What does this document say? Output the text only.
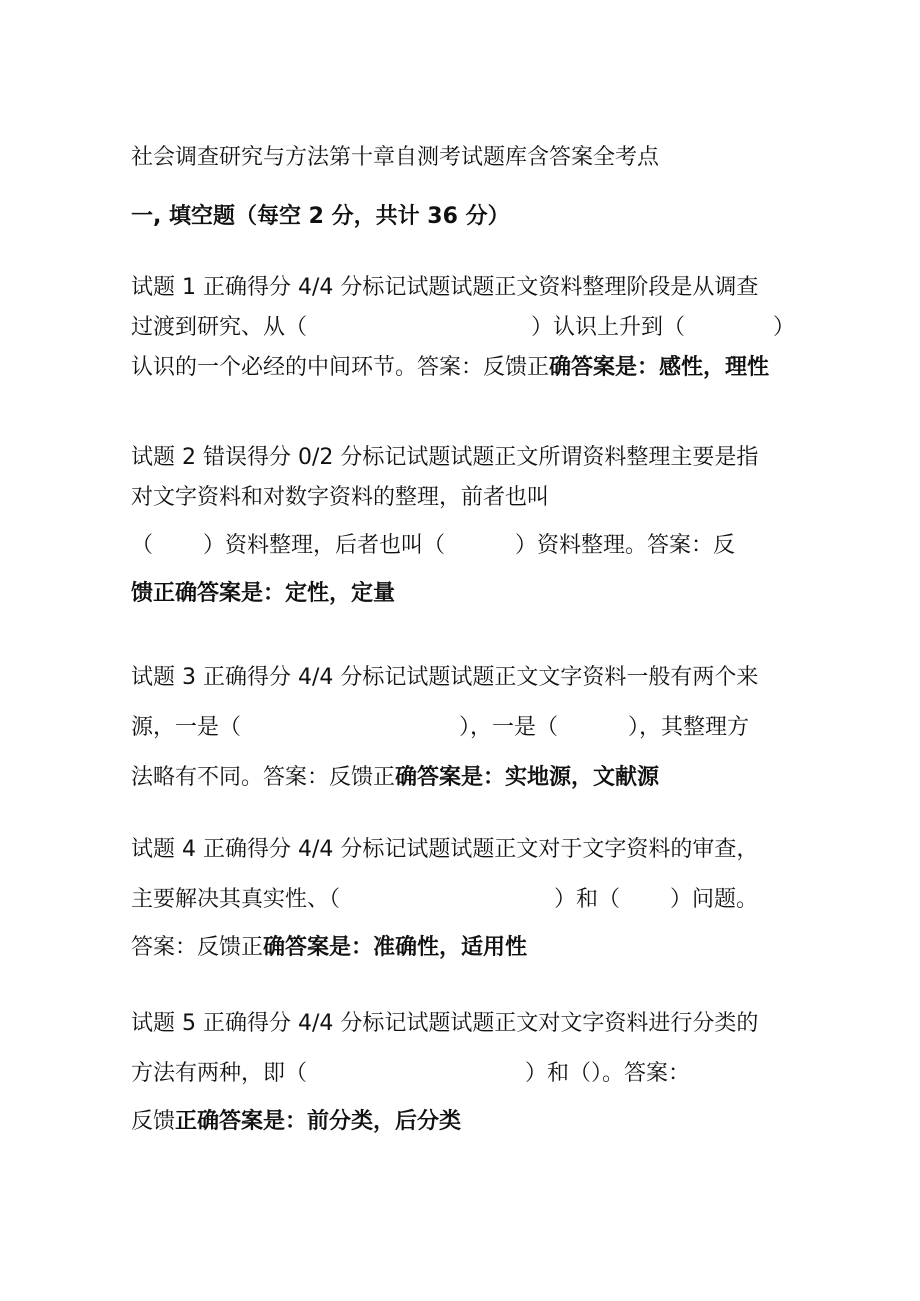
社会调查研究与方法第十章自测考试题库含答案全考点
一, 填空题（每空 2 分，共计 36 分）
试题 1 正确得分 4/4 分标记试题试题正文资料整理阶段是从调查
过渡到研究、从（	）认识上升到（	）
认识的一个必经的中间环节。答案：反馈正确答案是：感性，理性
试题 2 错误得分 0/2 分标记试题试题正文所谓资料整理主要是指
对文字资料和对数字资料的整理，前者也叫
（ ）资料整理，后者也叫（	）资料整理。答案：反
馈正确答案是：定性，定量
试题 3 正确得分 4/4 分标记试题试题正文文字资料一般有两个来
源，一是（	），一是（	），其整理方
法略有不同。答案：反馈正确答案是：实地源，文献源
试题 4 正确得分 4/4 分标记试题试题正文对于文字资料的审查，
主要解决其真实性、（	）和（ ）问题。
答案：反馈正确答案是：准确性，适用性
试题 5 正确得分 4/4 分标记试题试题正文对文字资料进行分类的
方法有两种，即（	）和（）。答案：
反馈正确答案是：前分类，后分类
